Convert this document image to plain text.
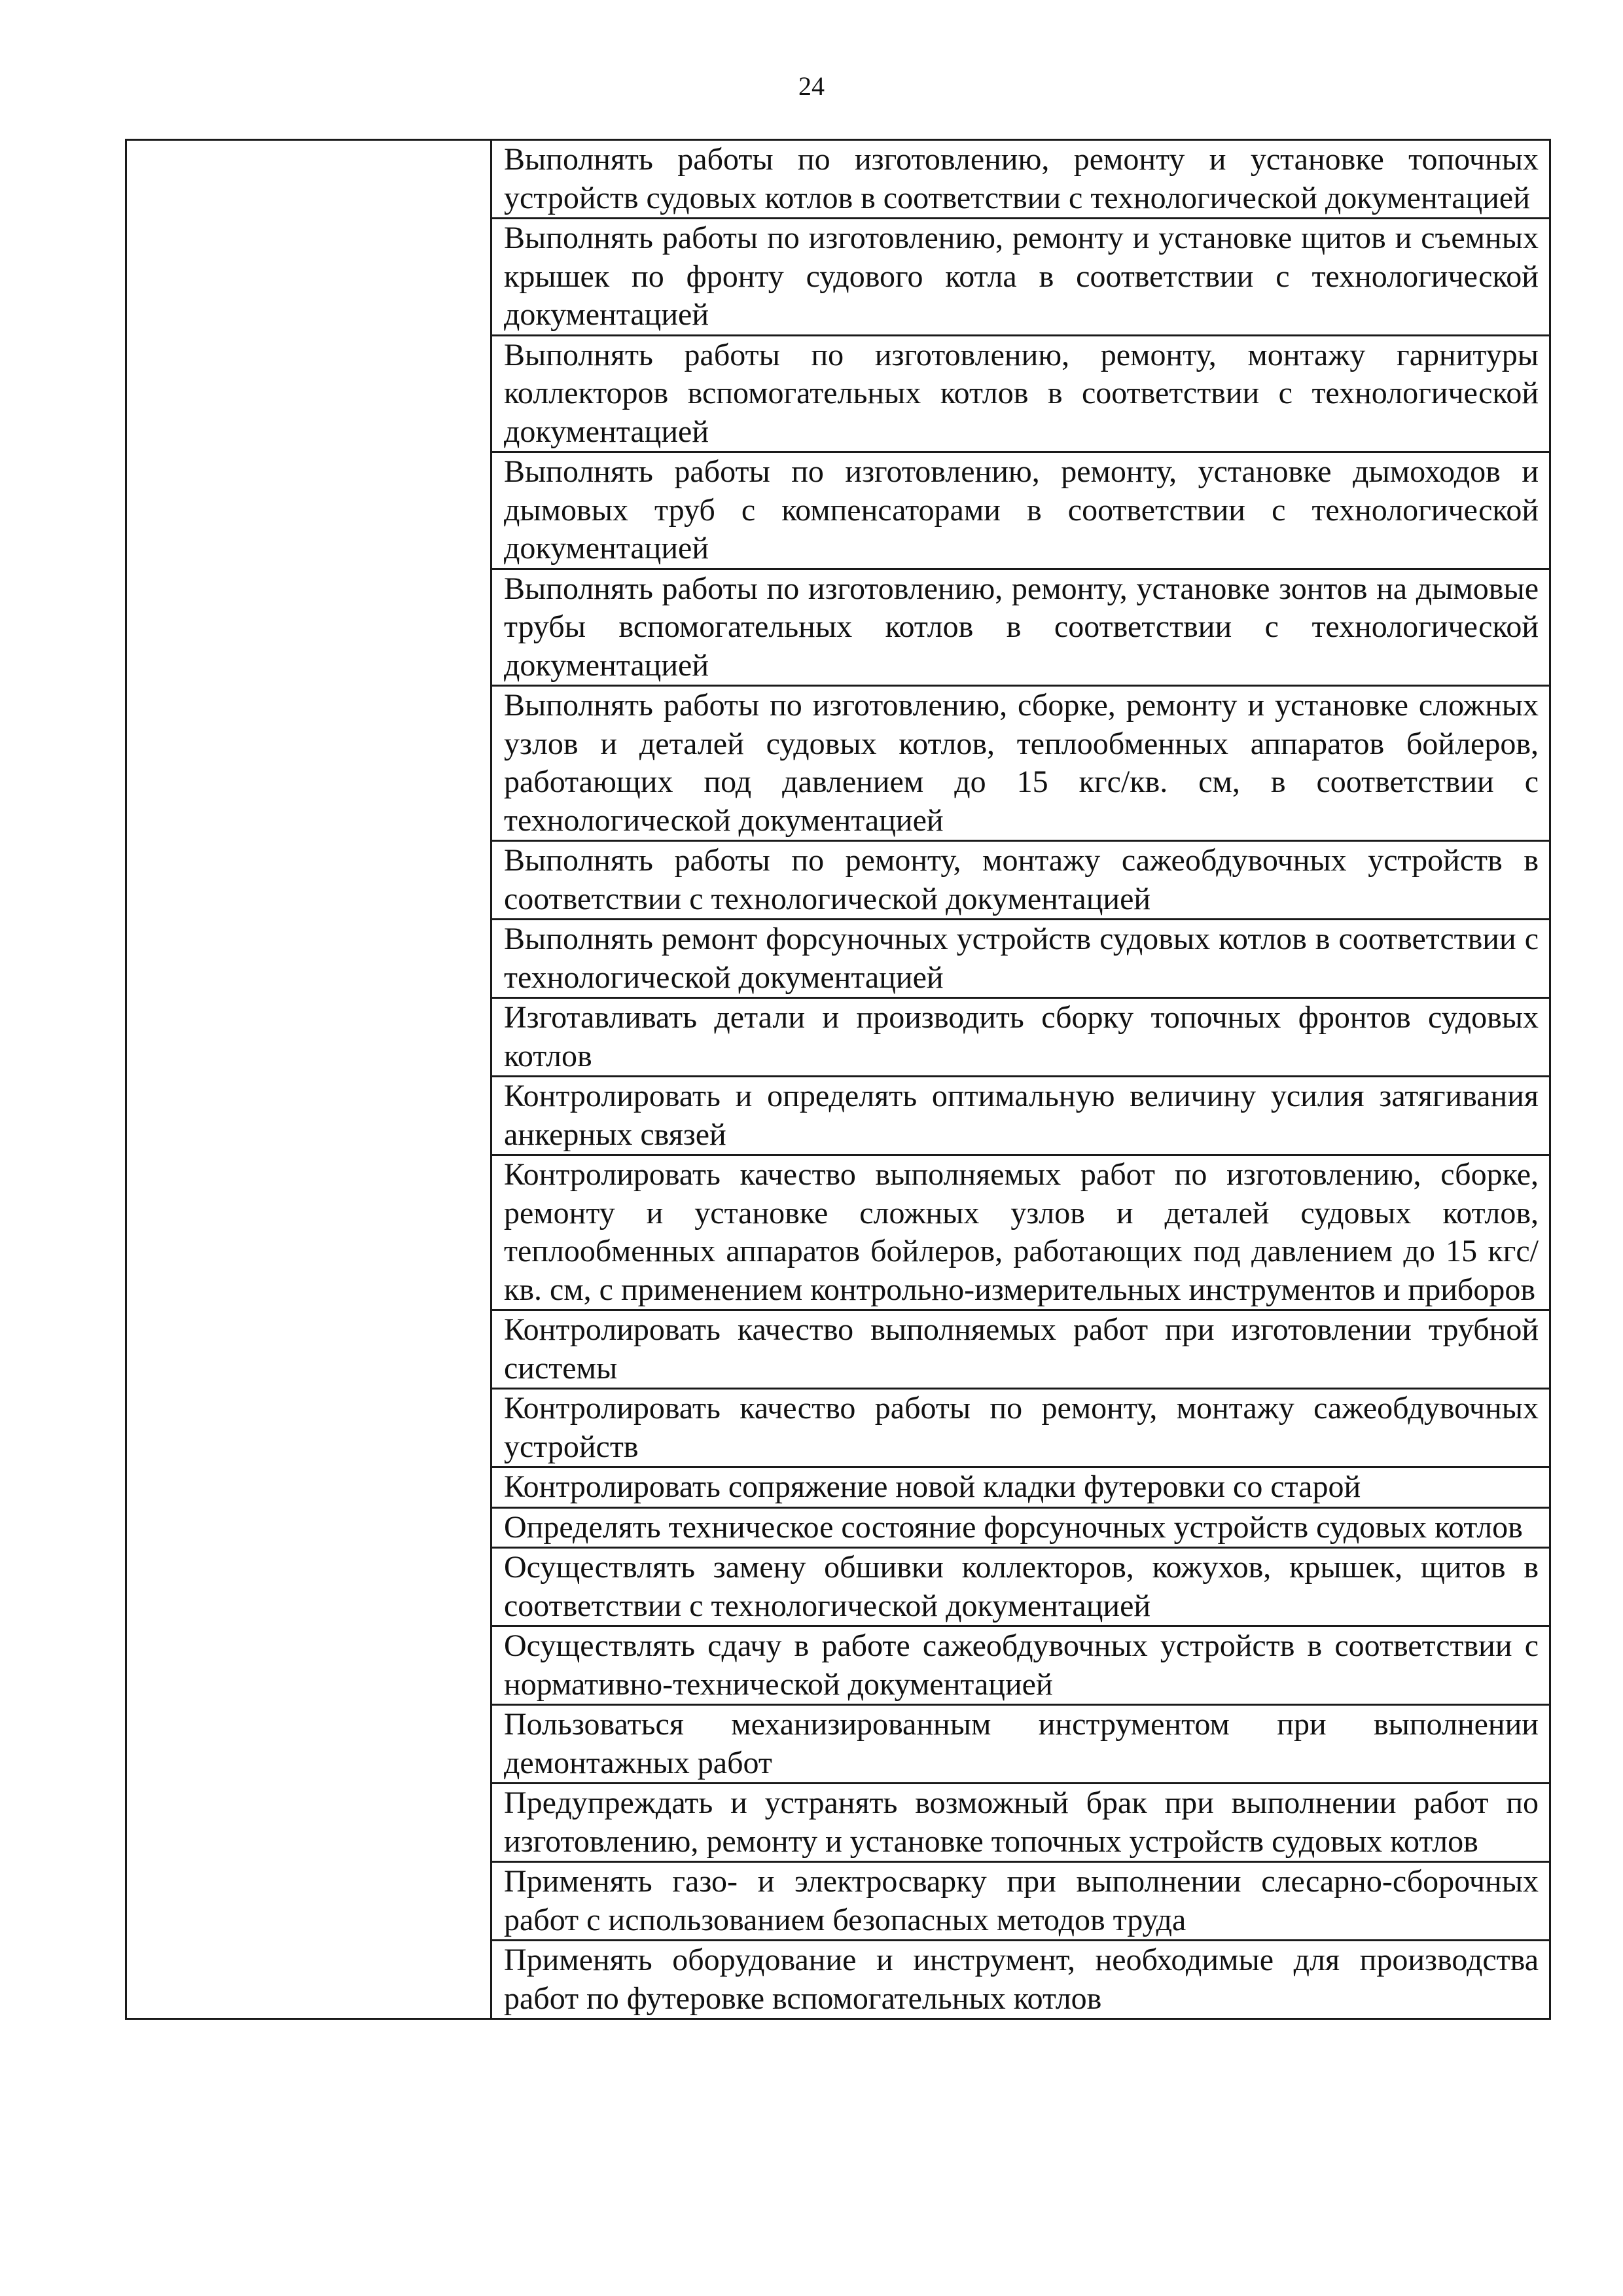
24

Выполнять работы по изготовлению, ремонту и установке топочных устройств судовых котлов в соответствии с технологической документацией

Выполнять работы по изготовлению, ремонту и установке щитов и съемных крышек по фронту судового котла в соответствии с технологической документацией

Выполнять работы по изготовлению, ремонту, монтажу гарнитуры коллекторов вспомогательных котлов в соответствии с технологической документацией

Выполнять работы по изготовлению, ремонту, установке дымоходов и дымовых труб с компенсаторами в соответствии с технологической документацией

Выполнять работы по изготовлению, ремонту, установке зонтов на дымовые трубы вспомогательных котлов в соответствии с технологической документацией

Выполнять работы по изготовлению, сборке, ремонту и установке сложных узлов и деталей судовых котлов, теплообменных аппаратов бойлеров, работающих под давлением до 15 кгс/кв. см, в соответствии с технологической документацией

Выполнять работы по ремонту, монтажу сажеобдувочных устройств в соответствии с технологической документацией

Выполнять ремонт форсуночных устройств судовых котлов в соответствии с технологической документацией

Изготавливать детали и производить сборку топочных фронтов судовых котлов

Контролировать и определять оптимальную величину усилия затягивания анкерных связей

Контролировать качество выполняемых работ по изготовлению, сборке, ремонту и установке сложных узлов и деталей судовых котлов, теплообменных аппаратов бойлеров, работающих под давлением до 15 кгс/кв. см, с применением контрольно-измерительных инструментов и приборов

Контролировать качество выполняемых работ при изготовлении трубной системы

Контролировать качество работы по ремонту, монтажу сажеобдувочных устройств

Контролировать сопряжение новой кладки футеровки со старой

Определять техническое состояние форсуночных устройств судовых котлов

Осуществлять замену обшивки коллекторов, кожухов, крышек, щитов в соответствии с технологической документацией

Осуществлять сдачу в работе сажеобдувочных устройств в соответствии с нормативно-технической документацией

Пользоваться механизированным инструментом при выполнении демонтажных работ

Предупреждать и устранять возможный брак при выполнении работ по изготовлению, ремонту и установке топочных устройств судовых котлов

Применять газо- и электросварку при выполнении слесарно-сборочных работ с использованием безопасных методов труда

Применять оборудование и инструмент, необходимые для производства работ по футеровке вспомогательных котлов
